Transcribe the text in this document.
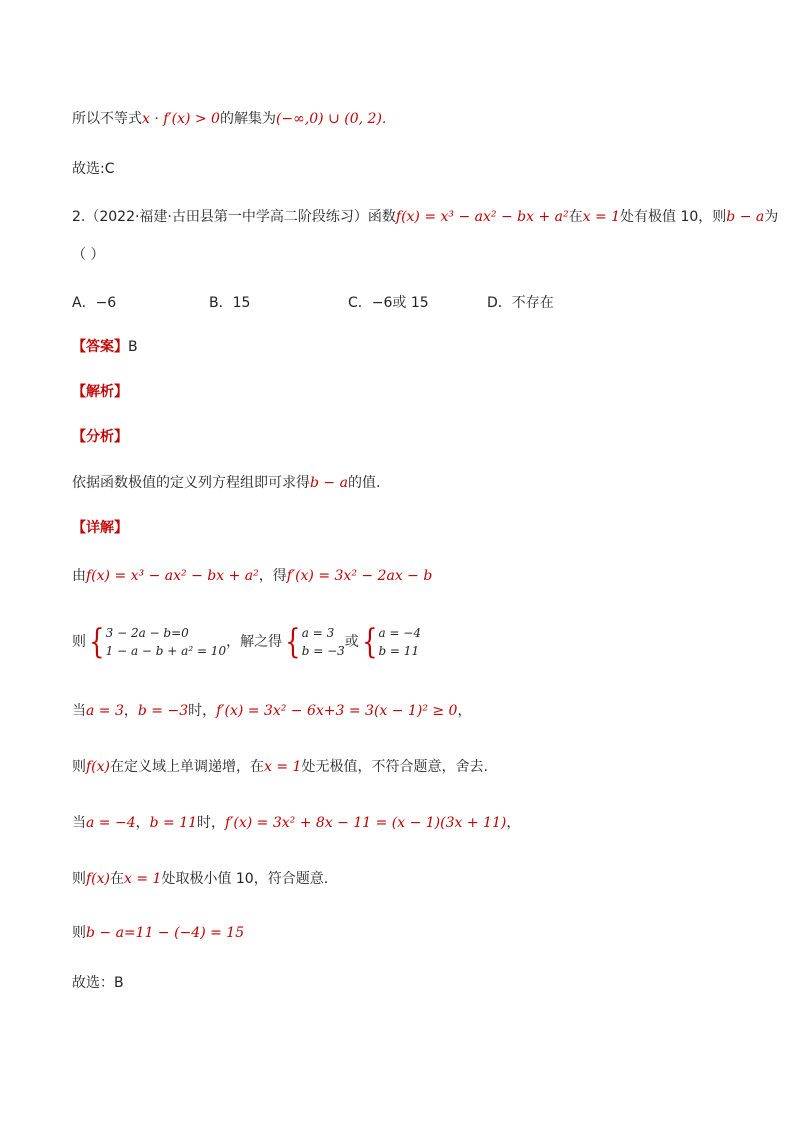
所以不等式x · f′(x) > 0的解集为(−∞,0) ∪ (0, 2).
故选:C
2.（2022·福建·古田县第一中学高二阶段练习）函数f(x) = x³ − ax² − bx + a²在x = 1处有极值 10，则b − a为
（ ）
A．−6	B．15	C．−6或 15	D．不存在
【答案】B
【解析】
【分析】
依据函数极值的定义列方程组即可求得b − a的值.
【详解】
由f(x) = x³ − ax² − bx + a²，得f′(x) = 3x² − 2ax − b
则{ 3 − 2a − b=0
1 − a − b + a² = 10
，解之得{ a = 3
b = −3
或{ a = −4
b = 11
当a = 3，b = −3时，f′(x) = 3x² − 6x+3 = 3(x − 1)² ≥ 0，
则f(x)在定义域上单调递增，在x = 1处无极值，不符合题意，舍去.
当a = −4，b = 11时，f′(x) = 3x² + 8x − 11 = (x − 1)(3x + 11)，
则f(x)在x = 1处取极小值 10，符合题意.
则b − a=11 − (−4) = 15
故选：B
